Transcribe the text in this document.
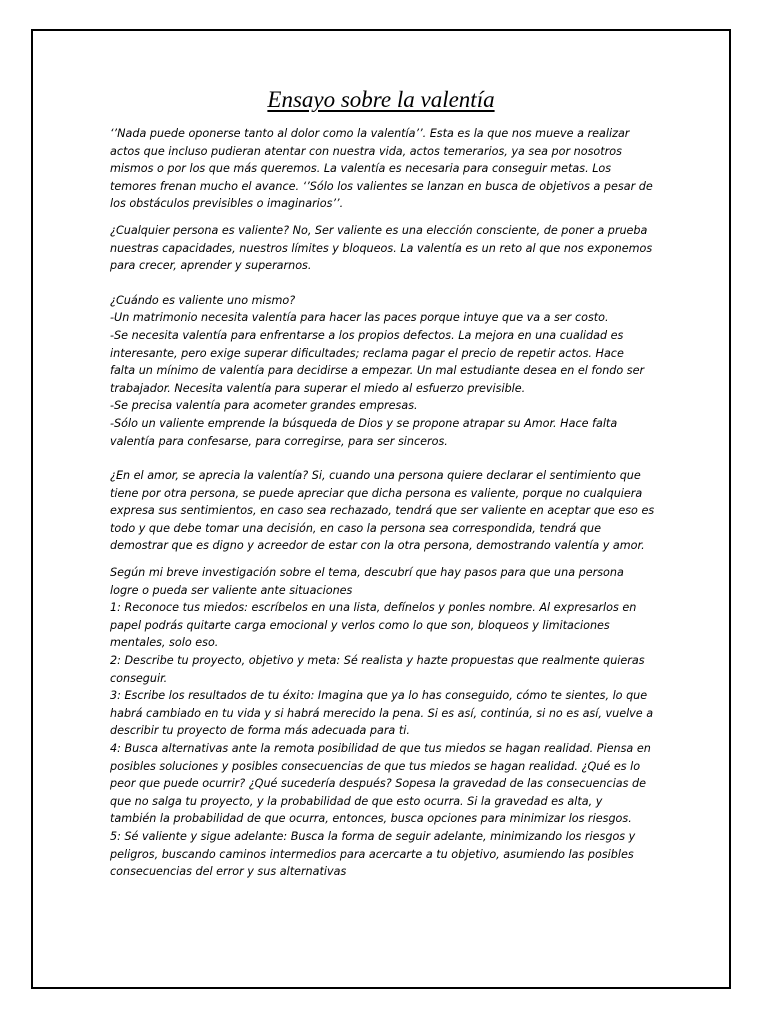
Ensayo sobre la valentía

‘’Nada puede oponerse tanto al dolor como la valentía’’. Esta es la que nos mueve a realizar
actos que incluso pudieran atentar con nuestra vida, actos temerarios, ya sea por nosotros
mismos o por los que más queremos. La valentía es necesaria para conseguir metas. Los
temores frenan mucho el avance. ‘’Sólo los valientes se lanzan en busca de objetivos a pesar de
los obstáculos previsibles o imaginarios’’.

¿Cualquier persona es valiente? No, Ser valiente es una elección consciente, de poner a prueba
nuestras capacidades, nuestros límites y bloqueos. La valentía es un reto al que nos exponemos
para crecer, aprender y superarnos.

¿Cuándo es valiente uno mismo?
-Un matrimonio necesita valentía para hacer las paces porque intuye que va a ser costo.
-Se necesita valentía para enfrentarse a los propios defectos. La mejora en una cualidad es
interesante, pero exige superar dificultades; reclama pagar el precio de repetir actos. Hace
falta un mínimo de valentía para decidirse a empezar. Un mal estudiante desea en el fondo ser
trabajador. Necesita valentía para superar el miedo al esfuerzo previsible.
-Se precisa valentía para acometer grandes empresas.
-Sólo un valiente emprende la búsqueda de Dios y se propone atrapar su Amor. Hace falta
valentía para confesarse, para corregirse, para ser sinceros.

¿En el amor, se aprecia la valentía? Si, cuando una persona quiere declarar el sentimiento que
tiene por otra persona, se puede apreciar que dicha persona es valiente, porque no cualquiera
expresa sus sentimientos, en caso sea rechazado, tendrá que ser valiente en aceptar que eso es
todo y que debe tomar una decisión, en caso la persona sea correspondida, tendrá que
demostrar que es digno y acreedor de estar con la otra persona, demostrando valentía y amor.

Según mi breve investigación sobre el tema, descubrí que hay pasos para que una persona
logre o pueda ser valiente ante situaciones
1: Reconoce tus miedos: escríbelos en una lista, defínelos y ponles nombre. Al expresarlos en
papel podrás quitarte carga emocional y verlos como lo que son, bloqueos y limitaciones
mentales, solo eso.
2: Describe tu proyecto, objetivo y meta: Sé realista y hazte propuestas que realmente quieras
conseguir.
3: Escribe los resultados de tu éxito: Imagina que ya lo has conseguido, cómo te sientes, lo que
habrá cambiado en tu vida y si habrá merecido la pena. Si es así, continúa, si no es así, vuelve a
describir tu proyecto de forma más adecuada para ti.
4: Busca alternativas ante la remota posibilidad de que tus miedos se hagan realidad. Piensa en
posibles soluciones y posibles consecuencias de que tus miedos se hagan realidad. ¿Qué es lo
peor que puede ocurrir? ¿Qué sucedería después? Sopesa la gravedad de las consecuencias de
que no salga tu proyecto, y la probabilidad de que esto ocurra. Si la gravedad es alta, y
también la probabilidad de que ocurra, entonces, busca opciones para minimizar los riesgos.
5: Sé valiente y sigue adelante: Busca la forma de seguir adelante, minimizando los riesgos y
peligros, buscando caminos intermedios para acercarte a tu objetivo, asumiendo las posibles
consecuencias del error y sus alternativas
